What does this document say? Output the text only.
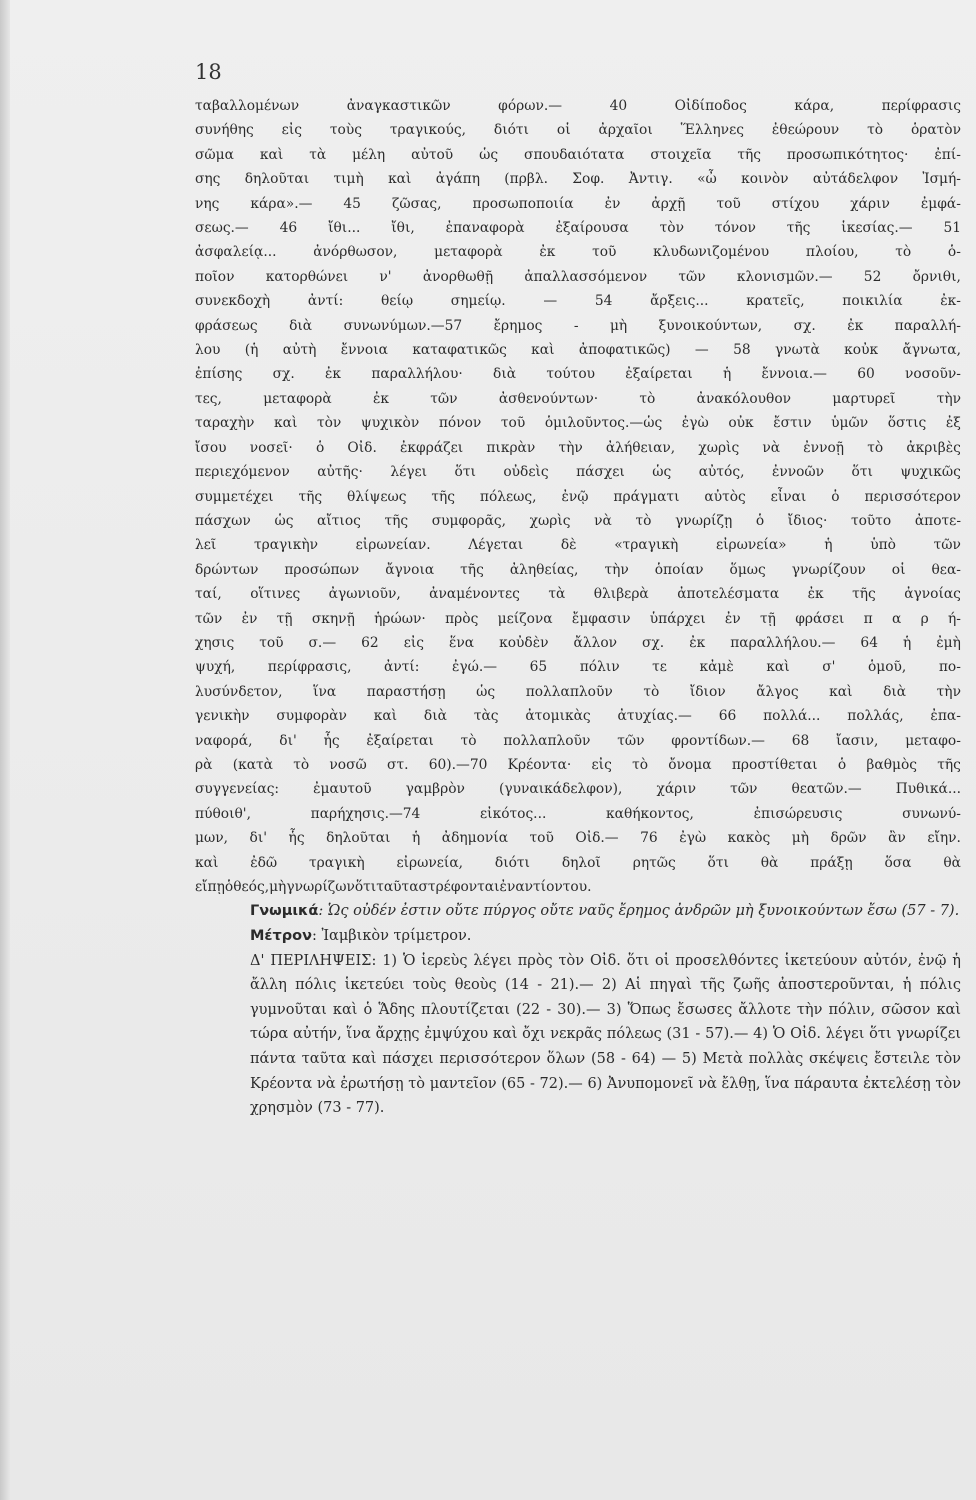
18
ταβαλλομένων	ἀναγκαστικῶν	φόρων.—	40	Οἰδίποδος	κάρα,	περίφρασις
συνήθης εἰς τοὺς τραγικούς, διότι οἱ ἀρχαῖοι Ἕλληνες ἐθεώρουν τὸ ὁρατὸν
σῶμα καὶ τὰ μέλη αὐτοῦ ὡς σπουδαιότατα στοιχεῖα τῆς προσωπικότητος· ἐπί-
σης δηλοῦται τιμὴ καὶ ἀγάπη (πρβλ. Σοφ. Ἀντιγ. «ὦ κοινὸν αὐτάδελφον Ἰσμή-
νης κάρα».— 45 ζῶσας, προσωποποιία ἐν ἀρχῇ τοῦ στίχου χάριν ἐμφά-
σεως.— 46 ἴθι... ἴθι, ἐπαναφορὰ ἐξαίρουσα τὸν τόνον τῆς ἱκεσίας.— 51
ἀσφαλείᾳ...	ἀνόρθωσον,	μεταφορὰ	ἐκ	τοῦ	κλυδωνιζομένου	πλοίου,	τὸ	ὁ-
ποῖον κατορθώνει ν' ἀνορθωθῇ ἀπαλλασσόμενον τῶν κλονισμῶν.— 52 ὄρνιθι,
συνεκδοχὴ	ἀντί:	θείῳ	σημείῳ.	—	54	ἄρξεις...	κρατεῖς,	ποικιλία	ἐκ-
φράσεως διὰ συνωνύμων.—57 ἔρημος - μὴ ξυνοικούντων, σχ. ἐκ παραλλή-
λου (ἡ αὐτὴ ἔννοια καταφατικῶς καὶ ἀποφατικῶς) — 58 γνωτὰ κοὐκ ἄγνωτα,
ἐπίσης σχ. ἐκ παραλλήλου· διὰ τούτου ἐξαίρεται ἡ ἔννοια.— 60 νοσοῦν-
τες,	μεταφορὰ	ἐκ	τῶν	ἀσθενούντων·	τὸ	ἀνακόλουθον	μαρτυρεῖ	τὴν
ταραχὴν καὶ τὸν ψυχικὸν πόνον τοῦ ὁμιλοῦντος.—ὡς ἐγὼ οὐκ ἔστιν ὑμῶν ὅστις ἐξ
ἴσου νοσεῖ· ὁ Οἰδ. ἐκφράζει πικρὰν τὴν ἀλήθειαν, χωρὶς νὰ ἐννοῇ τὸ ἀκριβὲς
περιεχόμενον αὐτῆς· λέγει ὅτι οὐδεὶς πάσχει ὡς αὐτός, ἐννοῶν ὅτι ψυχικῶς
συμμετέχει τῆς θλίψεως τῆς πόλεως, ἐνῷ πράγματι αὐτὸς εἶναι ὁ περισσότερον
πάσχων ὡς αἴτιος τῆς συμφορᾶς, χωρὶς νὰ τὸ γνωρίζῃ ὁ ἴδιος· τοῦτο ἀποτε-
λεῖ	τραγικὴν	εἰρωνείαν.	Λέγεται	δὲ	«τραγικὴ	εἰρωνεία»	ἡ	ὑπὸ	τῶν
δρώντων προσώπων ἄγνοια τῆς ἀληθείας, τὴν ὁποίαν ὅμως γνωρίζουν οἱ θεα-
ταί, οἵτινες ἀγωνιοῦν, ἀναμένοντες τὰ θλιβερὰ ἀποτελέσματα ἐκ τῆς ἀγνοίας
τῶν ἐν τῇ σκηνῇ ἡρώων· πρὸς μείζονα ἔμφασιν ὑπάρχει ἐν τῇ φράσει π α ρ ή-
χησις τοῦ σ.— 62 εἰς ἕνα κοὐδὲν ἄλλον σχ. ἐκ παραλλήλου.— 64 ἡ ἐμὴ
ψυχή, περίφρασις, ἀντί: ἐγώ.— 65 πόλιν τε κἀμὲ καὶ σ' ὁμοῦ, πο-
λυσύνδετον, ἵνα παραστήσῃ ὡς πολλαπλοῦν τὸ ἴδιον ἄλγος καὶ διὰ τὴν
γενικὴν συμφορὰν καὶ διὰ τὰς ἀτομικὰς ἀτυχίας.— 66 πολλά... πολλάς, ἐπα-
ναφορά, δι' ἧς ἐξαίρεται τὸ πολλαπλοῦν τῶν φροντίδων.— 68 ἴασιν, μεταφο-
ρὰ (κατὰ τὸ νοσῶ στ. 60).—70 Κρέοντα· εἰς τὸ ὄνομα προστίθεται ὁ βαθμὸς τῆς
συγγενείας: ἐμαυτοῦ γαμβρὸν (γυναικάδελφον), χάριν τῶν θεατῶν.— Πυθικά...
πύθοιθ',	παρήχησις.—74	εἰκότος...	καθήκοντος,	ἐπισώρευσις	συνωνύ-
μων, δι' ἧς δηλοῦται ἡ ἀδημονία τοῦ Οἰδ.— 76 ἐγὼ κακὸς μὴ δρῶν ἂν εἴην.
καὶ ἐδῶ τραγικὴ εἰρωνεία, διότι δηλοῖ ρητῶς ὅτι θὰ πράξῃ ὅσα θὰ
εἴπῃ ὁ θεός, μὴ γνωρίζων ὅτι ταῦτα στρέφονται ἐναντίον του.

Γνωμικά: Ὡς οὐδέν ἐστιν οὔτε πύργος οὔτε ναῦς ἔρημος ἀνδρῶν μὴ ξυνοικούντων ἔσω (57 - 7).

Μέτρον: Ἰαμβικὸν τρίμετρον.

Δ' ΠΕΡΙΛΗΨΕΙΣ: 1) Ὁ ἱερεὺς λέγει πρὸς τὸν Οἰδ. ὅτι οἱ προσελθόντες ἱκετεύουν αὐτόν, ἐνῷ ἡ ἄλλη πόλις ἱκετεύει τοὺς θεοὺς (14 - 21).— 2) Αἱ πηγαὶ τῆς ζωῆς ἀποστεροῦνται, ἡ πόλις γυμνοῦται καὶ ὁ Ἅδης πλουτίζεται (22 - 30).— 3) Ὅπως ἔσωσες ἄλλοτε τὴν πόλιν, σῶσον καὶ τώρα αὐτήν, ἵνα ἄρχῃς ἐμψύχου καὶ ὄχι νεκρᾶς πόλεως (31 - 57).— 4) Ὁ Οἰδ. λέγει ὅτι γνωρίζει πάντα ταῦτα καὶ πάσχει περισσότερον ὅλων (58 - 64) — 5) Μετὰ πολλὰς σκέψεις ἔστειλε τὸν Κρέοντα νὰ ἐρωτήσῃ τὸ μαντεῖον (65 - 72).— 6) Ἀνυπομονεῖ νὰ ἔλθῃ, ἵνα πάραυτα ἐκτελέσῃ τὸν χρησμὸν (73 - 77).
